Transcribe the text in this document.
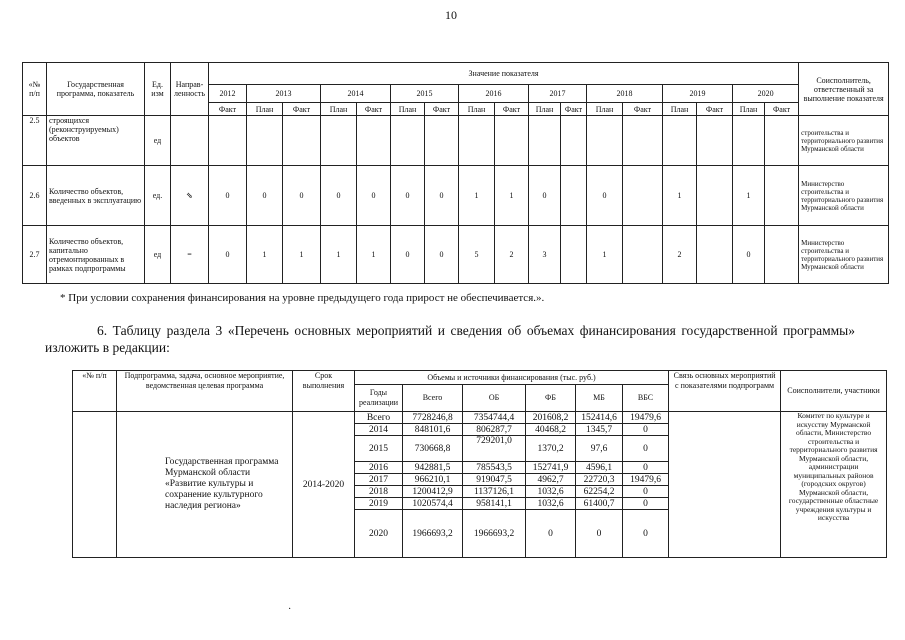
10
«№ п/п	Государственная программа, показатель	Ед. изм	Направ-ленность	Значение показателя																	Соисполнитель, ответственный за выполнение показателя
				2012	2013		2014		2015		2016		2017		2018		2019		2020		
				Факт	План	Факт	План	Факт	План	Факт	План	Факт	План	Факт	План	Факт	План	Факт	План	Факт	
2.5	строящихся (реконструируемых) объектов	ед																			строительства и территориального развития Мурманской области
2.6	Количество объектов, введенных в эксплуатацию	ед.	⇘	0	0	0	0	0	0	0	1	1	0		0		1		1		Министерство строительства и территориального развития Мурманской области
2.7	Количество объектов, капитально отремонтированных в рамках подпрограммы	ед	=	0	1	1	1	1	0	0	5	2	3		1		2		0		Министерство строительства и территориального развития Мурманской области
* При условии сохранения финансирования на уровне предыдущего года прирост не обеспечивается.».
6. Таблицу раздела 3 «Перечень основных мероприятий и сведения об объемах финансирования государственной программы» изложить в редакции:
«№ п/п	Подпрограмма, задача, основное мероприятие, ведомственная целевая программа	Срок выполнения	Объемы и источники финансирования (тыс. руб.)						Связь основных мероприятий с показателями подпрограмм	Соисполнители, участники
			Годы реализации	Всего	ОБ	ФБ	МБ	ВБС		
	Государственная программа Мурманской области «Развитие культуры и сохранение культурного наследия региона»	2014-2020	Всего	7728246,8	7354744,4	201608,2	152414,6	19479,6		Комитет по культуре и искусству Мурманской области, Министерство строительства и территориального развития Мурманской области, администрации муниципальных районов (городских округов) Мурманской области, государственные областные учреждения культуры и искусства
			2014	848101,6	806287,7	40468,2	1345,7	0		
			2015	730668,8	729201,0	1370,2	97,6	0		
			2016	942881,5	785543,5	152741,9	4596,1	0		
			2017	966210,1	919047,5	4962,7	22720,3	19479,6		
			2018	1200412,9	1137126,1	1032,6	62254,2	0		
			2019	1020574,4	958141,1	1032,6	61400,7	0		
			2020	1966693,2	1966693,2	0	0	0		
·
